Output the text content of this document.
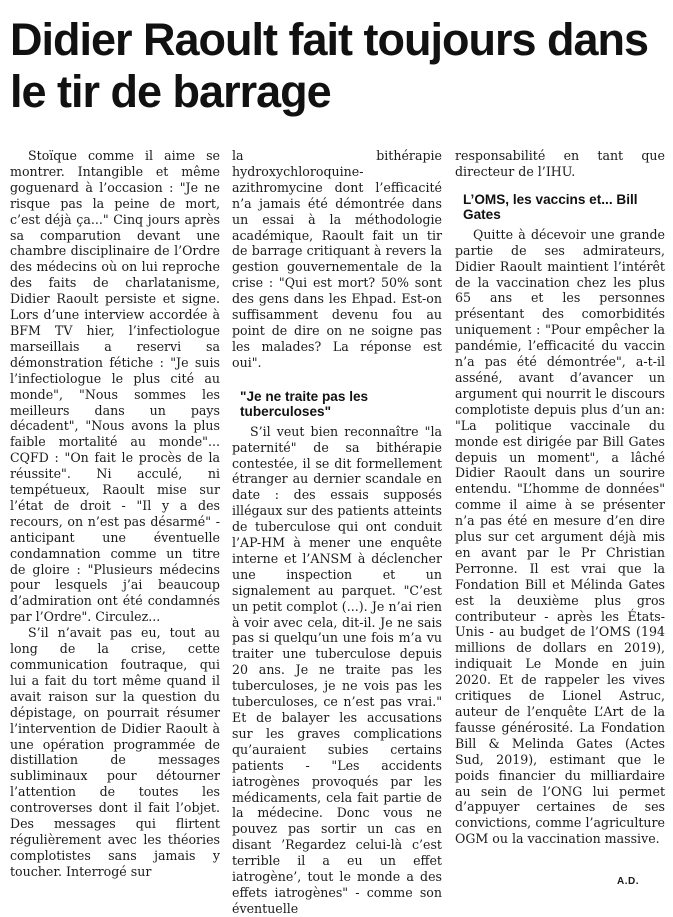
Didier Raoult fait toujours dans le tir de barrage

Stoïque comme il aime se montrer. Intangible et même goguenard à l’occasion : "Je ne risque pas la peine de mort, c’est déjà ça..." Cinq jours après sa comparution devant une chambre disciplinaire de l’Ordre des médecins où on lui reproche des faits de charlatanisme, Didier Raoult persiste et signe. Lors d’une interview accordée à BFM TV hier, l’infectiologue marseillais a reservi sa démonstration fétiche : "Je suis l’infectiologue le plus cité au monde", "Nous sommes les meilleurs dans un pays décadent", "Nous avons la plus faible mortalité au monde"... CQFD : "On fait le procès de la réussite". Ni acculé, ni tempétueux, Raoult mise sur l’état de droit - "Il y a des recours, on n’est pas désarmé" - anticipant une éventuelle condamnation comme un titre de gloire : "Plusieurs médecins pour lesquels j’ai beaucoup d’admiration ont été condamnés par l’Ordre". Circulez...

S’il n’avait pas eu, tout au long de la crise, cette communication foutraque, qui lui a fait du tort même quand il avait raison sur la question du dépistage, on pourrait résumer l’intervention de Didier Raoult à une opération programmée de distillation de messages subliminaux pour détourner l’attention de toutes les controverses dont il fait l’objet. Des messages qui flirtent régulièrement avec les théories complotistes sans jamais y toucher. Interrogé sur

la bithérapie hydroxychloroquine-azithromycine dont l’efficacité n’a jamais été démontrée dans un essai à la méthodologie académique, Raoult fait un tir de barrage critiquant à revers la gestion gouvernementale de la crise : "Qui est mort? 50% sont des gens dans les Ehpad. Est-on suffisamment devenu fou au point de dire on ne soigne pas les malades? La réponse est oui".

"Je ne traite pas les tuberculoses"

S’il veut bien reconnaître "la paternité" de sa bithérapie contestée, il se dit formellement étranger au dernier scandale en date : des essais supposés illégaux sur des patients atteints de tuberculose qui ont conduit l’AP-HM à mener une enquête interne et l’ANSM à déclencher une inspection et un signalement au parquet. "C’est un petit complot (...). Je n’ai rien à voir avec cela, dit-il. Je ne sais pas si quelqu’un une fois m’a vu traiter une tuberculose depuis 20 ans. Je ne traite pas les tuberculoses, je ne vois pas les tuberculoses, ce n’est pas vrai." Et de balayer les accusations sur les graves complications qu’auraient subies certains patients - "Les accidents iatrogènes provoqués par les médicaments, cela fait partie de la médecine. Donc vous ne pouvez pas sortir un cas en disant ’Regardez celui-là c’est terrible il a eu un effet iatrogène’, tout le monde a des effets iatrogènes" - comme son éventuelle

responsabilité en tant que directeur de l’IHU.

L’OMS, les vaccins et... Bill Gates

Quitte à décevoir une grande partie de ses admirateurs, Didier Raoult maintient l’intérêt de la vaccination chez les plus 65 ans et les personnes présentant des comorbidités uniquement : "Pour empêcher la pandémie, l’efficacité du vaccin n’a pas été démontrée", a-t-il asséné, avant d’avancer un argument qui nourrit le discours complotiste depuis plus d’un an: "La politique vaccinale du monde est dirigée par Bill Gates depuis un moment", a lâché Didier Raoult dans un sourire entendu. "L’homme de données" comme il aime à se présenter n’a pas été en mesure d’en dire plus sur cet argument déjà mis en avant par le Pr Christian Perronne. Il est vrai que la Fondation Bill et Mélinda Gates est la deuxième plus gros contributeur - après les États-Unis - au budget de l’OMS (194 millions de dollars en 2019), indiquait Le Monde en juin 2020. Et de rappeler les vives critiques de Lionel Astruc, auteur de l’enquête L’Art de la fausse générosité. La Fondation Bill & Melinda Gates (Actes Sud, 2019), estimant que le poids financier du milliardaire au sein de l’ONG lui permet d’appuyer certaines de ses convictions, comme l’agriculture OGM ou la vaccination massive.

A.D.
